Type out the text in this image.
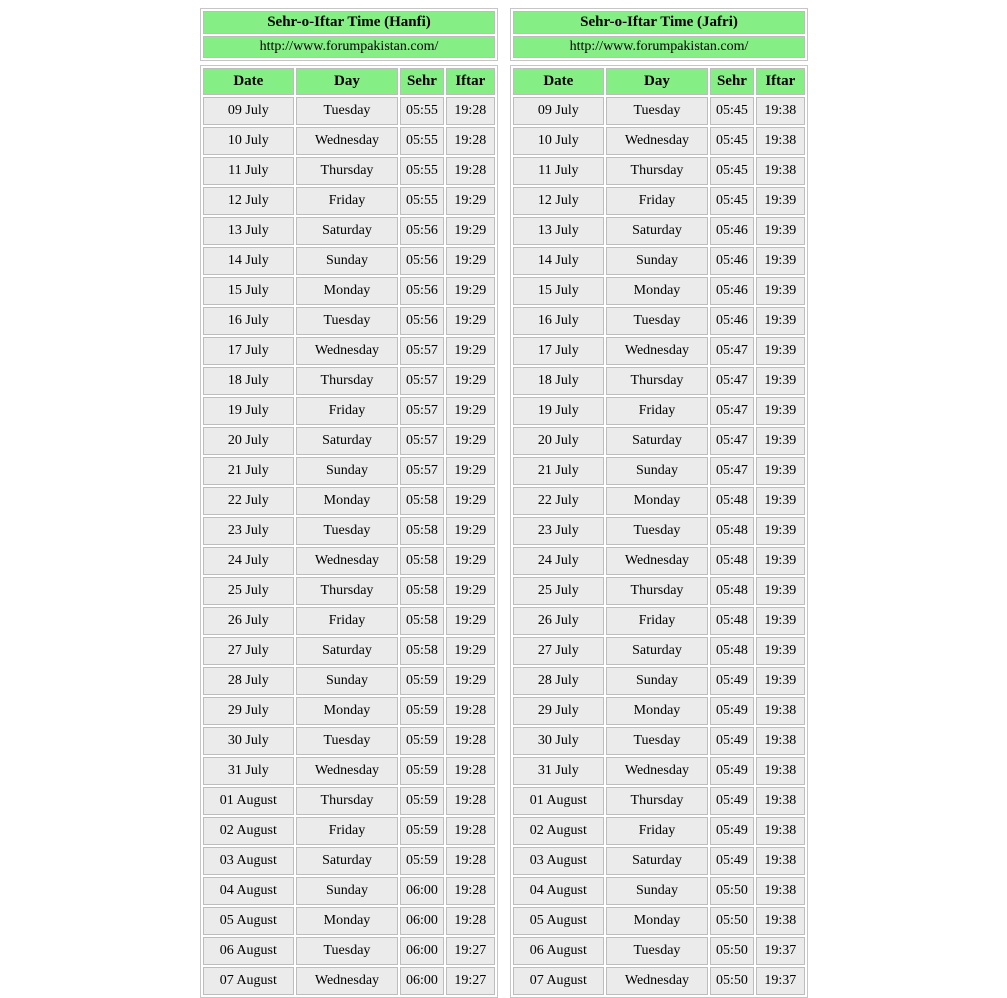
Sehr-o-Iftar Time (Hanfi)
http://www.forumpakistan.com/
Date	Day	Sehr	Iftar
09 July	Tuesday	05:55	19:28
10 July	Wednesday	05:55	19:28
11 July	Thursday	05:55	19:28
12 July	Friday	05:55	19:29
13 July	Saturday	05:56	19:29
14 July	Sunday	05:56	19:29
15 July	Monday	05:56	19:29
16 July	Tuesday	05:56	19:29
17 July	Wednesday	05:57	19:29
18 July	Thursday	05:57	19:29
19 July	Friday	05:57	19:29
20 July	Saturday	05:57	19:29
21 July	Sunday	05:57	19:29
22 July	Monday	05:58	19:29
23 July	Tuesday	05:58	19:29
24 July	Wednesday	05:58	19:29
25 July	Thursday	05:58	19:29
26 July	Friday	05:58	19:29
27 July	Saturday	05:58	19:29
28 July	Sunday	05:59	19:29
29 July	Monday	05:59	19:28
30 July	Tuesday	05:59	19:28
31 July	Wednesday	05:59	19:28
01 August	Thursday	05:59	19:28
02 August	Friday	05:59	19:28
03 August	Saturday	05:59	19:28
04 August	Sunday	06:00	19:28
05 August	Monday	06:00	19:28
06 August	Tuesday	06:00	19:27
07 August	Wednesday	06:00	19:27
Sehr-o-Iftar Time (Jafri)
http://www.forumpakistan.com/
Date	Day	Sehr	Iftar
09 July	Tuesday	05:45	19:38
10 July	Wednesday	05:45	19:38
11 July	Thursday	05:45	19:38
12 July	Friday	05:45	19:39
13 July	Saturday	05:46	19:39
14 July	Sunday	05:46	19:39
15 July	Monday	05:46	19:39
16 July	Tuesday	05:46	19:39
17 July	Wednesday	05:47	19:39
18 July	Thursday	05:47	19:39
19 July	Friday	05:47	19:39
20 July	Saturday	05:47	19:39
21 July	Sunday	05:47	19:39
22 July	Monday	05:48	19:39
23 July	Tuesday	05:48	19:39
24 July	Wednesday	05:48	19:39
25 July	Thursday	05:48	19:39
26 July	Friday	05:48	19:39
27 July	Saturday	05:48	19:39
28 July	Sunday	05:49	19:39
29 July	Monday	05:49	19:38
30 July	Tuesday	05:49	19:38
31 July	Wednesday	05:49	19:38
01 August	Thursday	05:49	19:38
02 August	Friday	05:49	19:38
03 August	Saturday	05:49	19:38
04 August	Sunday	05:50	19:38
05 August	Monday	05:50	19:38
06 August	Tuesday	05:50	19:37
07 August	Wednesday	05:50	19:37
